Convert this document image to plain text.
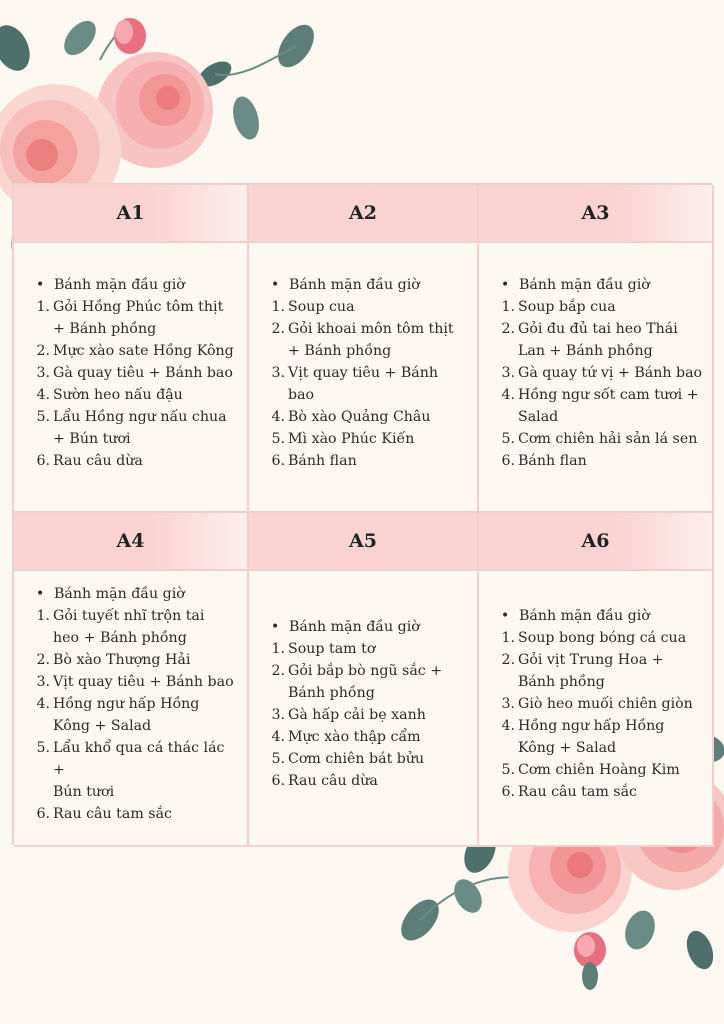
A1
• Bánh mặn đầu giờ
1. Gỏi Hồng Phúc tôm thịt
+ Bánh phồng
2. Mực xào sate Hồng Kông
3. Gà quay tiêu + Bánh bao
4. Sườn heo nấu đậu
5. Lẩu Hồng ngư nấu chua
+ Bún tươi
6. Rau câu dừa
A2
• Bánh mặn đầu giờ
1. Soup cua
2. Gỏi khoai môn tôm thịt
+ Bánh phồng
3. Vịt quay tiêu + Bánh
bao
4. Bò xào Quảng Châu
5. Mì xào Phúc Kiến
6. Bánh flan
A3
• Bánh mặn đầu giờ
1. Soup bắp cua
2. Gỏi đu đủ tai heo Thái
Lan + Bánh phồng
3. Gà quay tứ vị + Bánh bao
4. Hồng ngư sốt cam tươi +
Salad
5. Cơm chiên hải sản lá sen
6. Bánh flan
A4
• Bánh mặn đầu giờ
1. Gỏi tuyết nhĩ trộn tai
heo + Bánh phồng
2. Bò xào Thượng Hải
3. Vịt quay tiêu + Bánh bao
4. Hồng ngư hấp Hồng
Kông + Salad
5. Lẩu khổ qua cá thác lác +
Bún tươi
6. Rau câu tam sắc
A5
• Bánh mặn đầu giờ
1. Soup tam tơ
2. Gỏi bắp bò ngũ sắc +
Bánh phồng
3. Gà hấp cải bẹ xanh
4. Mực xào thập cẩm
5. Cơm chiên bát bửu
6. Rau câu dừa
A6
• Bánh mặn đầu giờ
1. Soup bong bóng cá cua
2. Gỏi vịt Trung Hoa +
Bánh phồng
3. Giò heo muối chiên giòn
4. Hồng ngư hấp Hồng
Kông + Salad
5. Cơm chiên Hoàng Kim
6. Rau câu tam sắc
